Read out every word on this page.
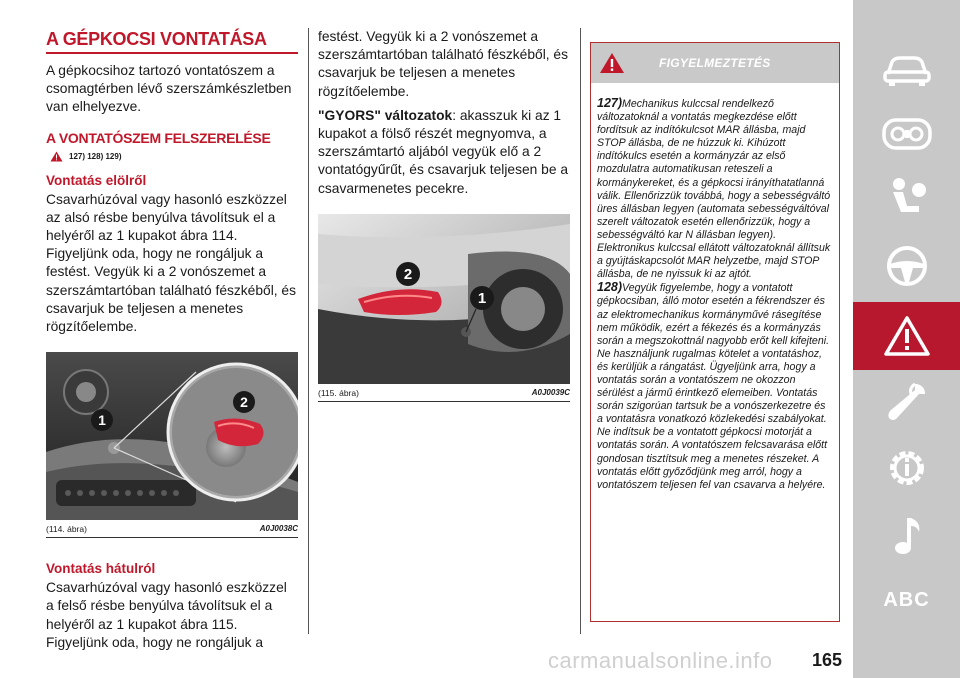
A GÉPKOCSI VONTATÁSA

A gépkocsihoz tartozó vontatószem a csomagtérben lévő szerszámkészletben van elhelyezve.

A VONTATÓSZEM FELSZERELÉSE
127) 128) 129)
Vontatás elölről

Csavarhúzóval vagy hasonló eszközzel az alsó résbe benyúlva távolítsuk el a helyéről az 1 kupakot ábra 114. Figyeljünk oda, hogy ne rongáljuk a festést. Vegyük ki a 2 vonószemet a szerszámtartóban található fészkéből, és csavarjuk be teljesen a menetes rögzítőelembe.

1
2
(114. ábra)	A0J0038C
Vontatás hátulról

Csavarhúzóval vagy hasonló eszközzel a felső résbe benyúlva távolítsuk el a helyéről az 1 kupakot ábra 115. Figyeljünk oda, hogy ne rongáljuk a

festést. Vegyük ki a 2 vonószemet a szerszámtartóban található fészkéből, és csavarjuk be teljesen a menetes rögzítőelembe.

"GYORS" változatok: akasszuk ki az 1 kupakot a fölső részét megnyomva, a szerszámtartó aljából vegyük elő a 2 vontatógyűrűt, és csavarjuk teljesen be a csavarmenetes pecekre.

2
1
(115. ábra)	A0J0039C
FIGYELMEZTETÉS

127)Mechanikus kulccsal rendelkező változatoknál a vontatás megkezdése előtt fordítsuk az indítókulcsot MAR állásba, majd STOP állásba, de ne húzzuk ki. Kihúzott indítókulcs esetén a kormányzár az első mozdulatra automatikusan reteszeli a kormánykereket, és a gépkocsi irányíthatatlanná válik. Ellenőrizzük továbbá, hogy a sebességváltó üres állásban legyen (automata sebességváltóval szerelt változatok esetén ellenőrizzük, hogy a sebességváltó kar N állásban legyen). Elektronikus kulccsal ellátott változatoknál állítsuk a gyújtáskapcsolót MAR helyzetbe, majd STOP állásba, de ne nyissuk ki az ajtót.

128)Vegyük figyelembe, hogy a vontatott gépkocsiban, álló motor esetén a fékrendszer és az elektromechanikus kormányművé rásegítése nem működik, ezért a fékezés és a kormányzás során a megszokottnál nagyobb erőt kell kifejteni. Ne használjunk rugalmas kötelet a vontatáshoz, és kerüljük a rángatást. Ügyeljünk arra, hogy a vontatás során a vontatószem ne okozzon sérülést a jármű érintkező elemeiben. Vontatás során szigorúan tartsuk be a vonószerkezetre és a vontatásra vonatkozó közlekedési szabályokat. Ne indítsuk be a vontatott gépkocsi motorját a vontatás során. A vontatószem felcsavarása előtt gondosan tisztítsuk meg a menetes részeket. A vontatás előtt győződjünk meg arról, hogy a vontatószem teljesen fel van csavarva a helyére.

ABC
carmanualsonline.info 165
